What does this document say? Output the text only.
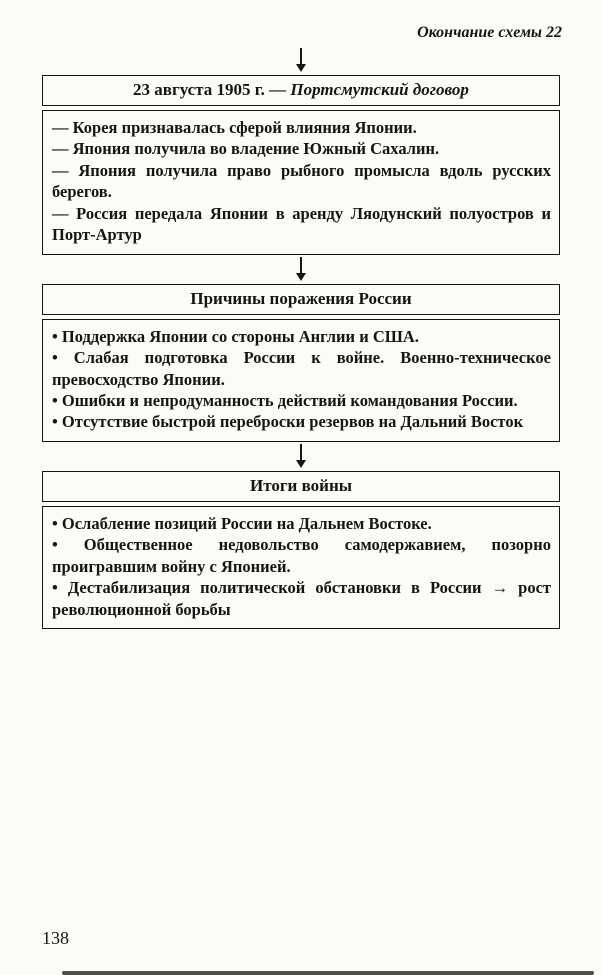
Окончание схемы 22
23 августа 1905 г. — Портсмутский договор
— Корея признавалась сферой влияния Японии.
— Япония получила во владение Южный Сахалин.
— Япония получила право рыбного промысла вдоль русских берегов.
— Россия передала Японии в аренду Ляодунский полуостров и Порт-Артур
Причины поражения России
• Поддержка Японии со стороны Англии и США.
• Слабая подготовка России к войне. Военно-техническое превосходство Японии.
• Ошибки и непродуманность действий командования России.
• Отсутствие быстрой переброски резервов на Дальний Восток
Итоги войны
• Ослабление позиций России на Дальнем Востоке.
• Общественное недовольство самодержавием, позорно проигравшим войну с Японией.
• Дестабилизация политической обстановки в России → рост революционной борьбы
138
